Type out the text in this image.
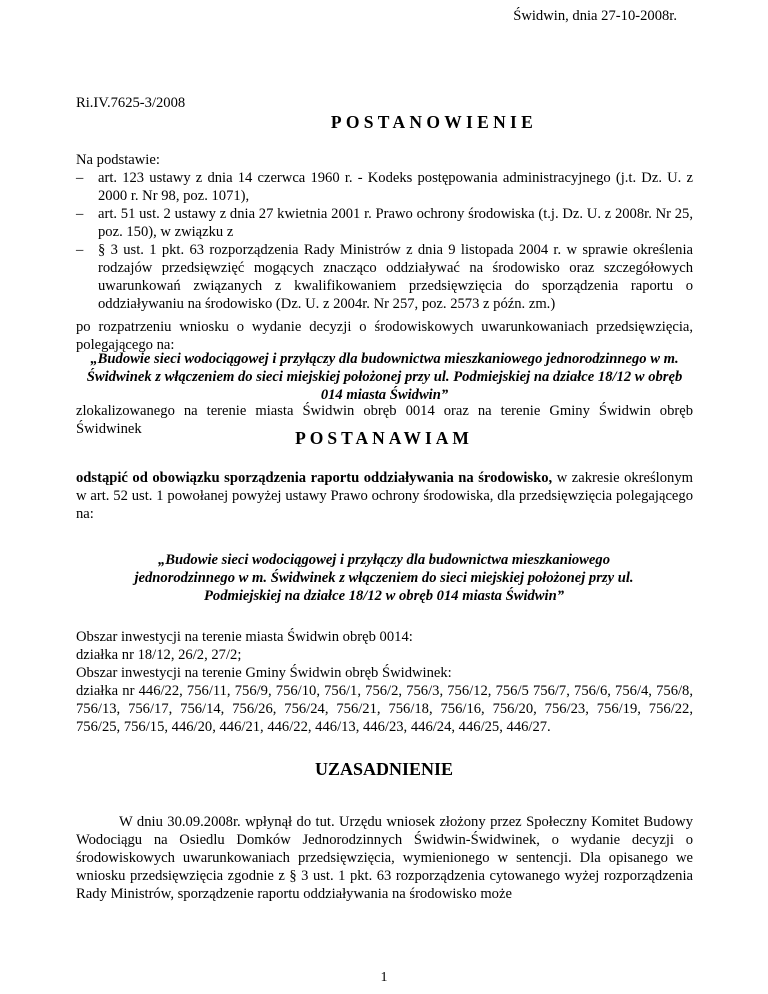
Świdwin, dnia 27-10-2008r.
Ri.IV.7625-3/2008
POSTANOWIENIE
Na podstawie:
– art. 123 ustawy z dnia 14 czerwca 1960 r. - Kodeks postępowania administracyjnego (j.t. Dz. U. z 2000 r. Nr 98, poz. 1071),
– art. 51 ust. 2 ustawy z dnia 27 kwietnia 2001 r. Prawo ochrony środowiska (t.j. Dz. U. z 2008r. Nr 25, poz. 150), w związku z
– § 3 ust. 1 pkt. 63 rozporządzenia Rady Ministrów z dnia 9 listopada 2004 r. w sprawie określenia rodzajów przedsięwzięć mogących znacząco oddziaływać na środowisko oraz szczegółowych uwarunkowań związanych z kwalifikowaniem przedsięwzięcia do sporządzenia raportu o oddziaływaniu na środowisko (Dz. U. z 2004r. Nr 257, poz. 2573 z późn. zm.)
po rozpatrzeniu wniosku o wydanie decyzji o środowiskowych uwarunkowaniach przedsięwzięcia, polegającego na:
„Budowie sieci wodociągowej i przyłączy dla budownictwa mieszkaniowego jednorodzinnego w m. Świdwinek z włączeniem do sieci miejskiej położonej przy ul. Podmiejskiej na działce 18/12 w obręb 014 miasta Świdwin”
zlokalizowanego na terenie miasta Świdwin obręb 0014 oraz na terenie Gminy Świdwin obręb Świdwinek	POSTANAWIAM
odstąpić od obowiązku sporządzenia raportu oddziaływania na środowisko, w zakresie określonym w art. 52 ust. 1 powołanej powyżej ustawy Prawo ochrony środowiska, dla przedsięwzięcia polegającego na:
„Budowie sieci wodociągowej i przyłączy dla budownictwa mieszkaniowego jednorodzinnego w m. Świdwinek z włączeniem do sieci miejskiej położonej przy ul. Podmiejskiej na działce 18/12 w obręb 014 miasta Świdwin”
Obszar inwestycji na terenie miasta Świdwin obręb 0014:
działka nr 18/12, 26/2, 27/2;
Obszar inwestycji na terenie Gminy Świdwin obręb Świdwinek:
działka nr 446/22, 756/11, 756/9, 756/10, 756/1, 756/2, 756/3, 756/12, 756/5 756/7, 756/6, 756/4, 756/8, 756/13, 756/17, 756/14, 756/26, 756/24, 756/21, 756/18, 756/16, 756/20, 756/23, 756/19, 756/22, 756/25, 756/15, 446/20, 446/21, 446/22, 446/13, 446/23, 446/24, 446/25, 446/27.
UZASADNIENIE
W dniu 30.09.2008r. wpłynął do tut. Urzędu wniosek złożony przez Społeczny Komitet Budowy Wodociągu na Osiedlu Domków Jednorodzinnych Świdwin-Świdwinek, o wydanie decyzji o środowiskowych uwarunkowaniach przedsięwzięcia, wymienionego w sentencji. Dla opisanego we wniosku przedsięwzięcia zgodnie z § 3 ust. 1 pkt. 63 rozporządzenia cytowanego wyżej rozporządzenia Rady Ministrów, sporządzenie raportu oddziaływania na środowisko może
1
